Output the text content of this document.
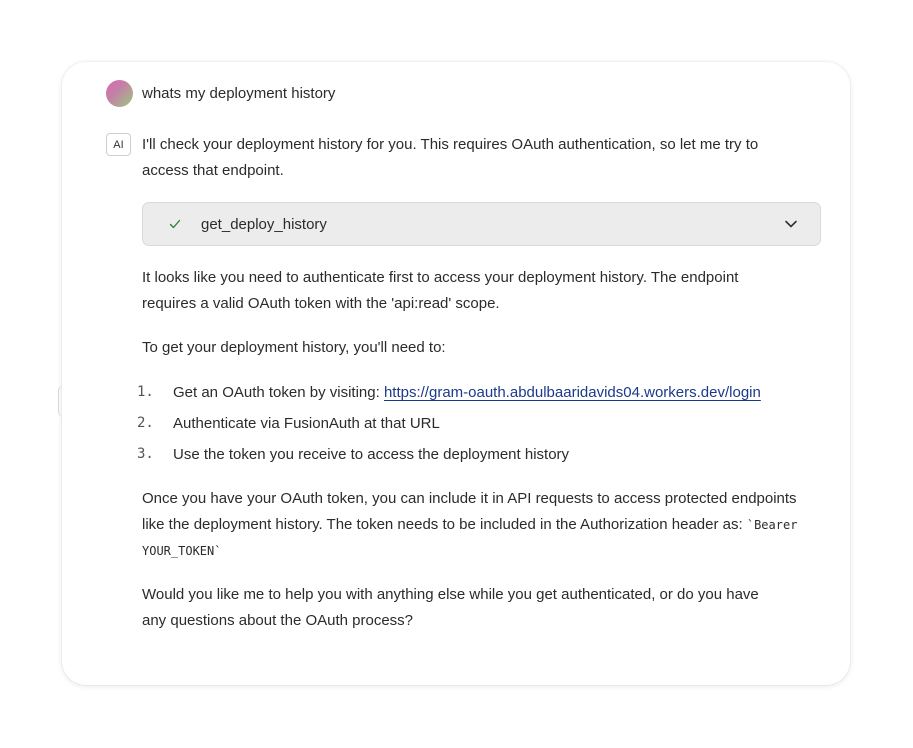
whats my deployment history
AI	I'll check your deployment history for you. This requires OAuth authentication, so let me try to access that endpoint.

get_deploy_history

It looks like you need to authenticate first to access your deployment history. The endpoint requires a valid OAuth token with the 'api:read' scope.

To get your deployment history, you'll need to:

1. Get an OAuth token by visiting: https://gram-oauth.abdulbaaridavids04.workers.dev/login
2. Authenticate via FusionAuth at that URL
3. Use the token you receive to access the deployment history

Once you have your OAuth token, you can include it in API requests to access protected endpoints like the deployment history. The token needs to be included in the Authorization header as: `Bearer YOUR_TOKEN`

Would you like me to help you with anything else while you get authenticated, or do you have any questions about the OAuth process?
